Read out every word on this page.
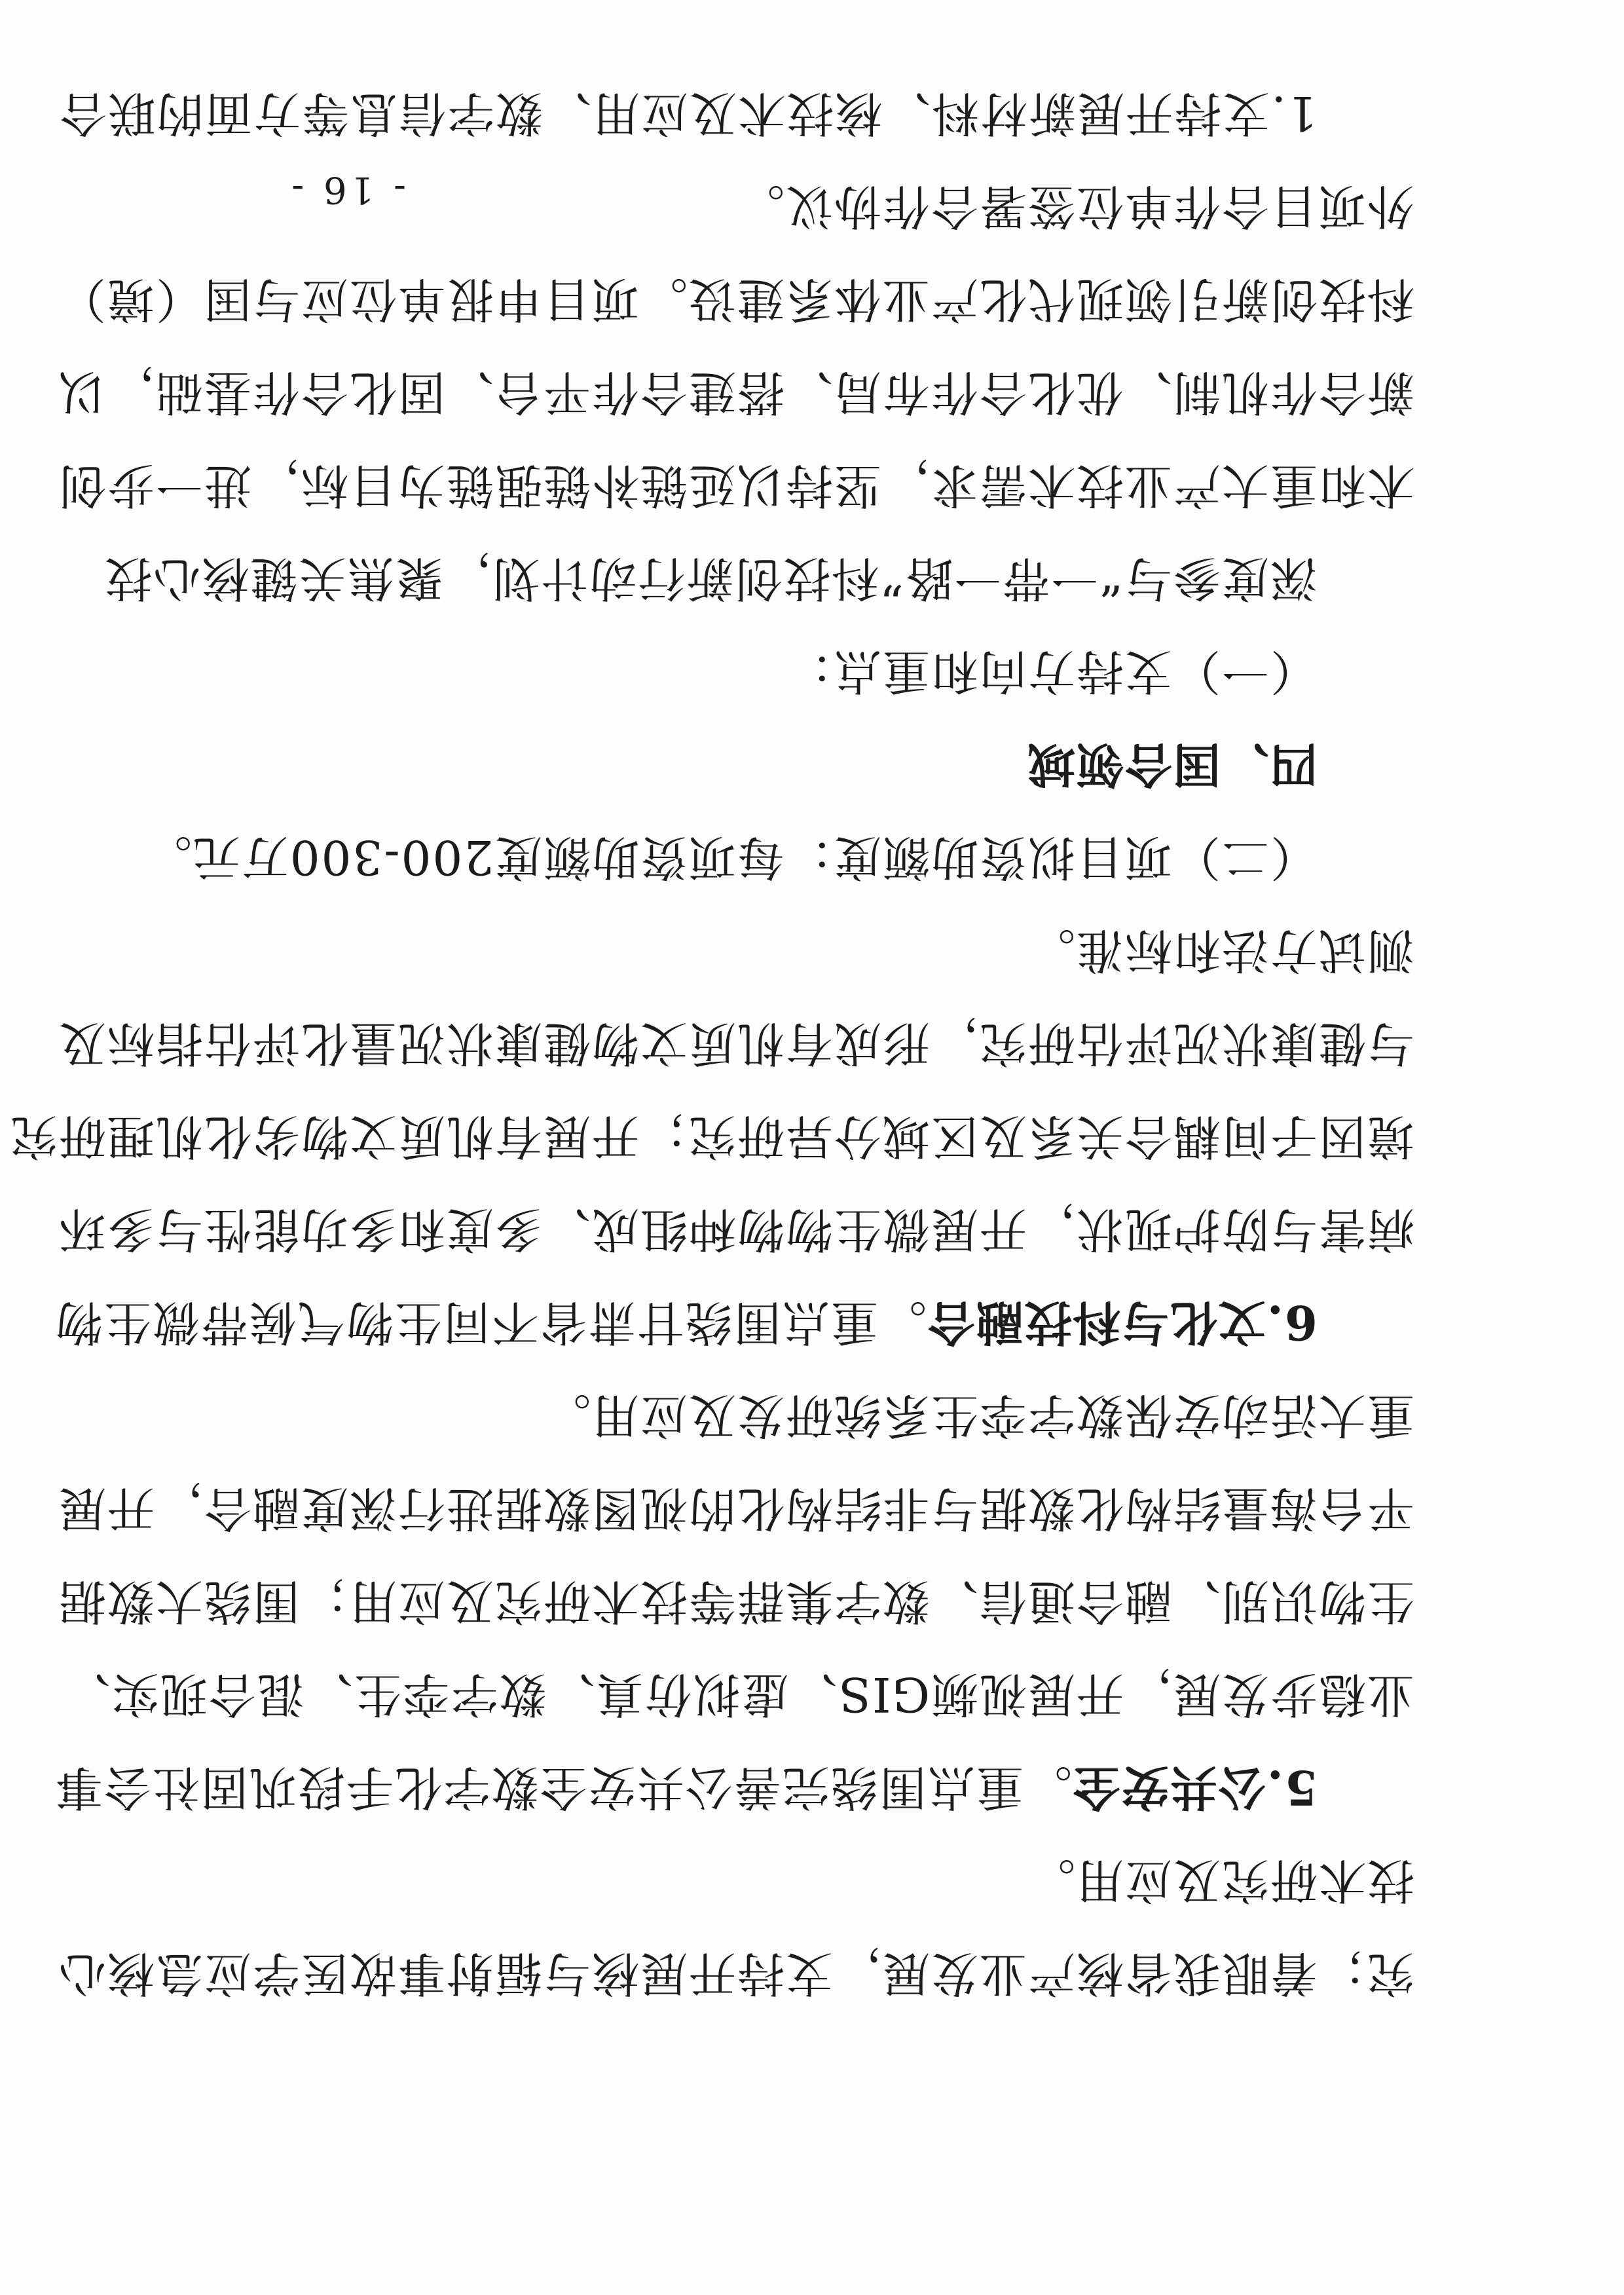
究；着眼我省核产业发展，支持开展核与辐射事故医学应急核心
技术研究及应用。
5.公共安全。重点围绕完善公共安全数字化手段巩固社会事
业稳步发展，开展视频GIS、虚拟仿真、数字孪生、混合现实、
生物识别、融合通信、数字集群等技术研究及应用；围绕大数据
平台海量结构化数据与非结构化的视图数据进行深度融合，开展
重大活动安保数字孪生系统研发及应用。
6.文化与科技融合。重点围绕甘肃省不同生物气候带微生物
病害与防护现状，开展微生物物种组成、多度和多功能性与多环
境因子间耦合关系及区域分异研究；开展有机质文物劣化机理研究
与健康状况评估研究，形成有机质文物健康状况量化评估指标及
测试方法和标准。
（二）项目拟资助额度：每项资助额度200-300万元。
四、国合领域
（一）支持方向和重点：
深度参与“一带一路”科技创新行动计划，聚焦关键核心技
术和重大产业技术需求，坚持以延链补链强链为目标，进一步创
新合作机制、优化合作布局、搭建合作平台、固化合作基础，以
科技创新引领现代化产业体系建设。项目申报单位应与国（境）
外项目合作单位签署合作协议。
1.支持开展新材料、核技术及应用、数字信息等方面的联合
- 16 -
